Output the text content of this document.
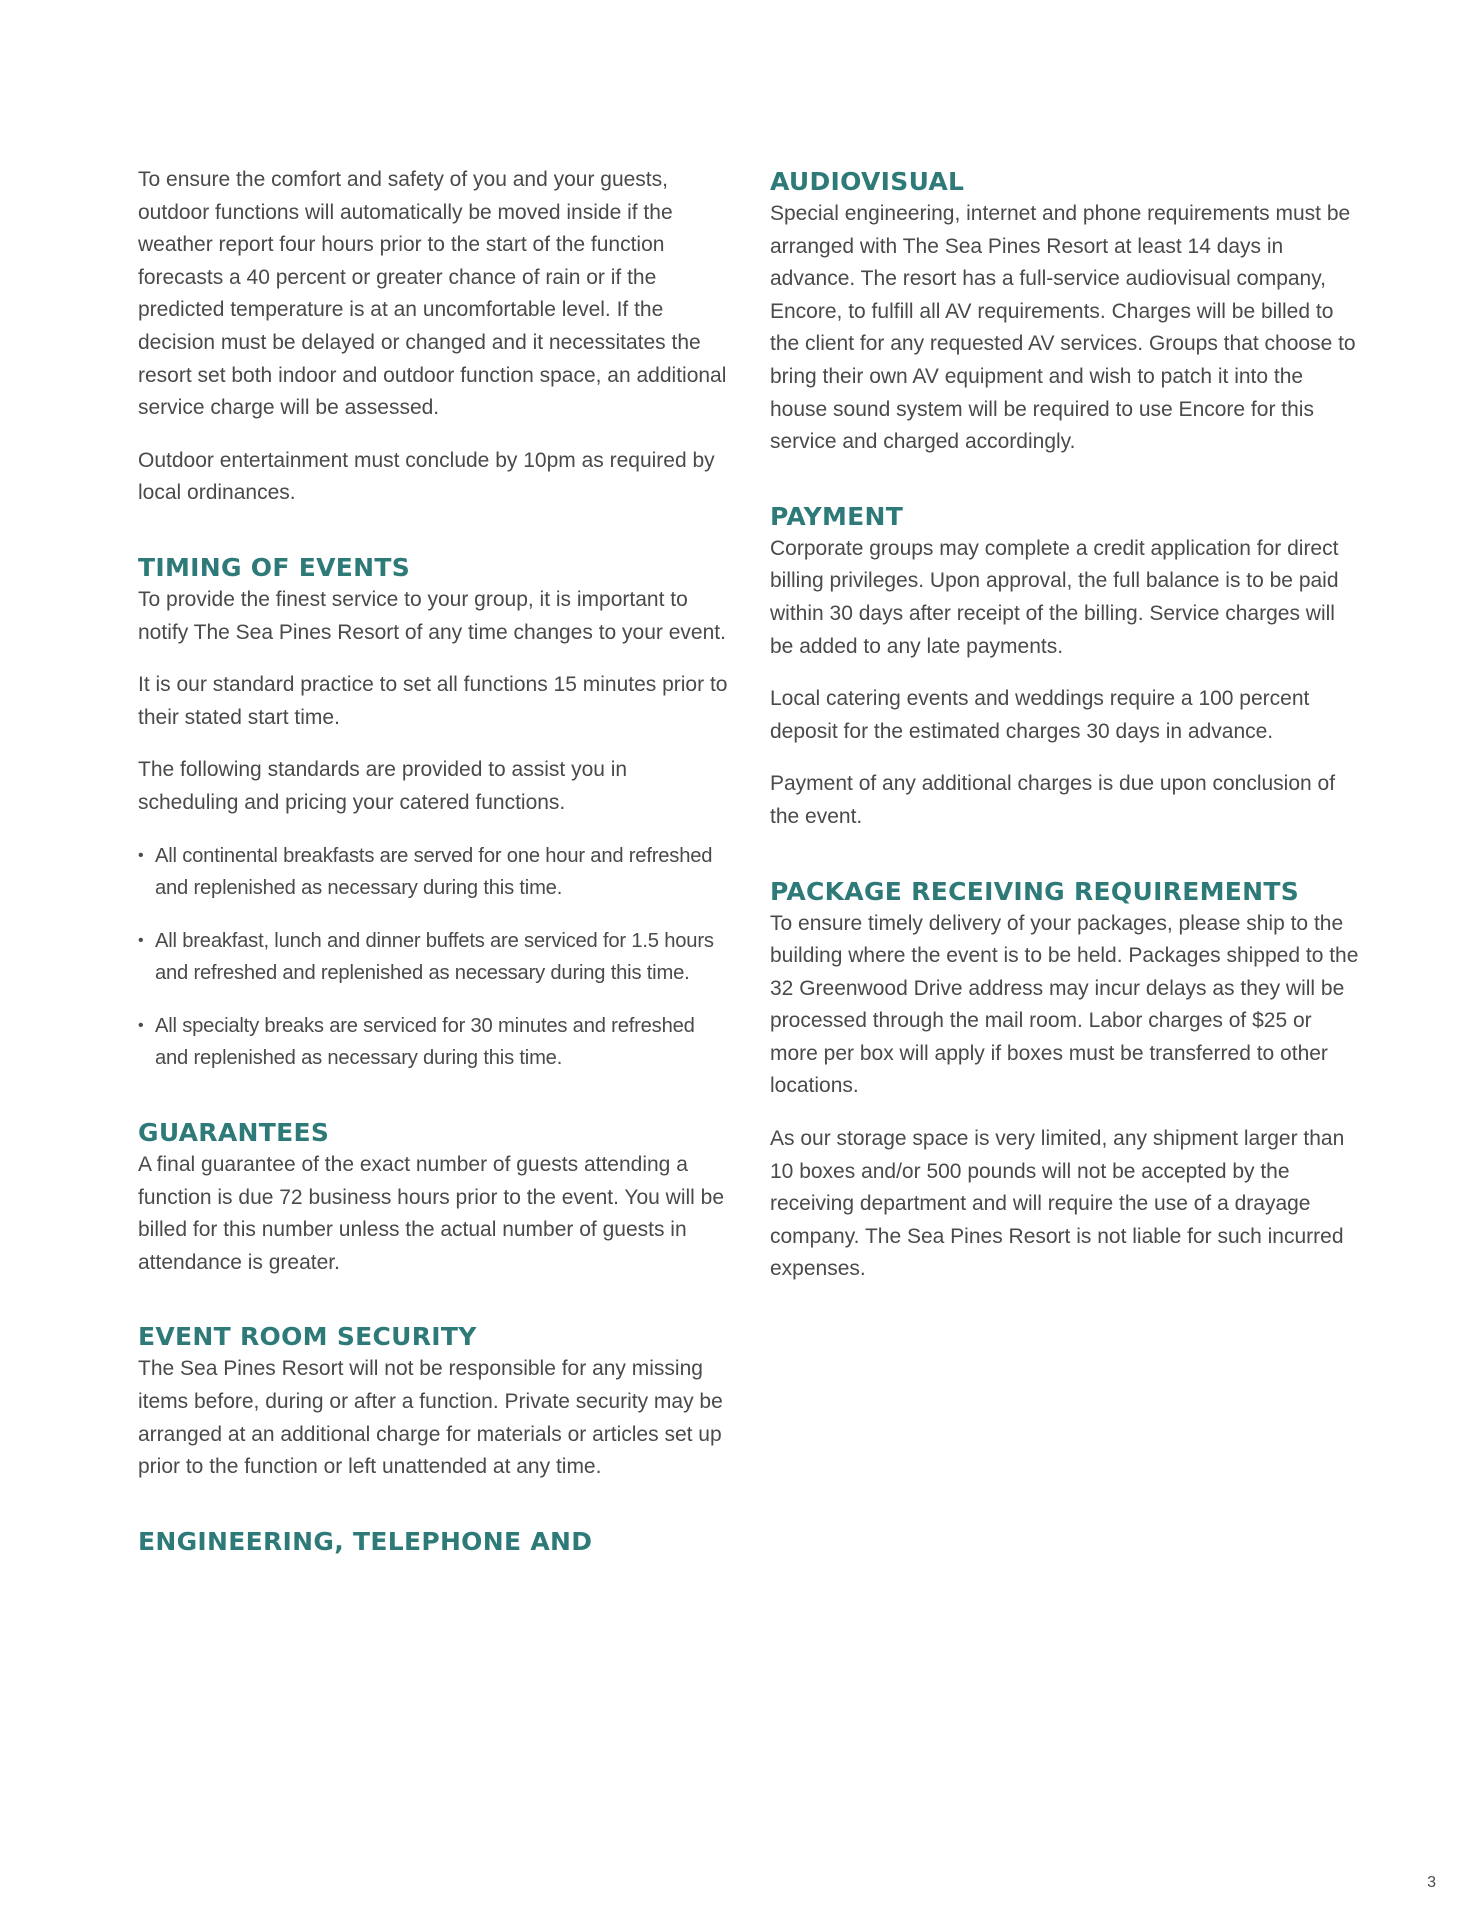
To ensure the comfort and safety of you and your guests, outdoor functions will automatically be moved inside if the weather report four hours prior to the start of the function forecasts a 40 percent or greater chance of rain or if the predicted temperature is at an uncomfortable level. If the decision must be delayed or changed and it necessitates the resort set both indoor and outdoor function space, an additional service charge will be assessed.

Outdoor entertainment must conclude by 10pm as required by local ordinances.

TIMING OF EVENTS

To provide the finest service to your group, it is important to notify The Sea Pines Resort of any time changes to your event.

It is our standard practice to set all functions 15 minutes prior to their stated start time.

The following standards are provided to assist you in scheduling and pricing your catered functions.

• All continental breakfasts are served for one hour and refreshed and replenished as necessary during this time.
• All breakfast, lunch and dinner buffets are serviced for 1.5 hours and refreshed and replenished as necessary during this time.
• All specialty breaks are serviced for 30 minutes and refreshed and replenished as necessary during this time.
GUARANTEES

A final guarantee of the exact number of guests attending a function is due 72 business hours prior to the event. You will be billed for this number unless the actual number of guests in attendance is greater.

EVENT ROOM SECURITY

The Sea Pines Resort will not be responsible for any missing items before, during or after a function. Private security may be arranged at an additional charge for materials or articles set up prior to the function or left unattended at any time.

ENGINEERING, TELEPHONE AND
AUDIOVISUAL

Special engineering, internet and phone requirements must be arranged with The Sea Pines Resort at least 14 days in advance. The resort has a full-service audiovisual company, Encore, to fulfill all AV requirements. Charges will be billed to the client for any requested AV services. Groups that choose to bring their own AV equipment and wish to patch it into the house sound system will be required to use Encore for this service and charged accordingly.

PAYMENT

Corporate groups may complete a credit application for direct billing privileges. Upon approval, the full balance is to be paid within 30 days after receipt of the billing. Service charges will be added to any late payments.

Local catering events and weddings require a 100 percent deposit for the estimated charges 30 days in advance.

Payment of any additional charges is due upon conclusion of the event.

PACKAGE RECEIVING REQUIREMENTS

To ensure timely delivery of your packages, please ship to the building where the event is to be held. Packages shipped to the 32 Greenwood Drive address may incur delays as they will be processed through the mail room. Labor charges of $25 or more per box will apply if boxes must be transferred to other locations.

As our storage space is very limited, any shipment larger than 10 boxes and/or 500 pounds will not be accepted by the receiving department and will require the use of a drayage company. The Sea Pines Resort is not liable for such incurred expenses.

3
